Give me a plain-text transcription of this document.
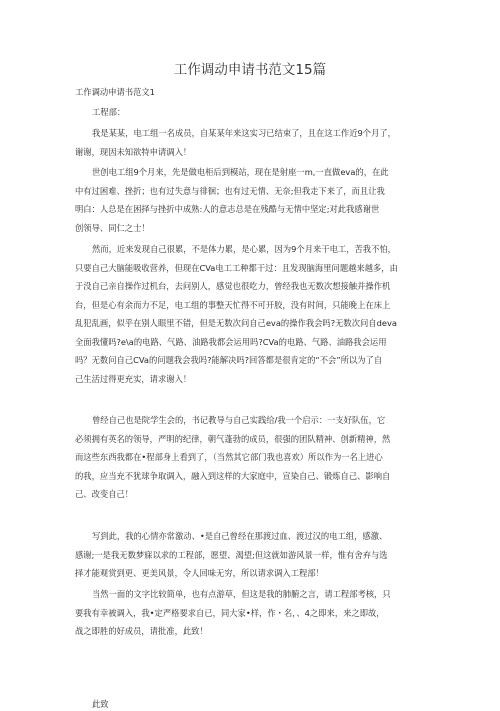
工作调动申请书范文15篇
工作调动申请书范文1
工程部：
我是某某，电工组一名成员，自某某年来这实习已结束了，且在这工作近9个月了，
谢谢，现因未知欲特申请调入！
世创电工组9个月来，先是做电柜后到模站，现在是射座一m,一直做eva的，在此
中有过困难、挫折；也有过失意与徘徊；也有过无情、无奈;但我走下来了，而且让我
明白：人总是在困择与挫折中成熟:人的意志总是在残酷与无情中坚定;对此我感谢世
创领导、同仁之士！
然而，近来发现自己很累，不是体力累，是心累，因为9个月来干电工，苦我不怕，
只要自己大脑能吸收营养，但现在CVa电工工种都干过：且发现脑海里问题越来越多，由
于没自己亲自操作过机台，去问别人，感觉也很吃力，曾经我也无数次想接触并操作机
台，但是心有余而力不足，电工组的事整天忙得不可开胶，没有时间，只能晚上在床上
乱犯乱画，似乎在别人眼里不错，但是无数次问自己eva的操作我会吗?无数次问自deva
全面我懂吗?e\a的电路、气路、油路我都会运用吗?CVa的电路、气路、油路我会运用
吗？无数问自己CVa的问题我会我吗?能解决吗?回答都是很肯定的“不会”所以为了自
己生活过得更充实，请求谢入！
曾经自己也是院学生会的，书记教导与自己实践给/我一个启示：一支好队伍，它
必须拥有英名的领导，严明的纪律，朝气蓬勃的成员，很强的团队精神、创新精神，然
而这些东西我都在•程部身上看到了，（当然其它部门我也喜欢）所以作为一名上进心
的我，应当充不犹球争取调入，融入到这样的大家庭中，宣染自己、锻炼自己、影响自
己、改变自己！
写到此，我的心情亦常激动、•是自己曾经在那渡过血、渡过汉的电工组，感激、
感谢;一是我无数梦寐以求的工程部，愿望、渴望;但这就如游风景一样，惟有舍弃与选
择才能观赏到更、更美风景，令人回味无穷，所以请求调入工程部！
当然一面的文字比较简单，也有点游草，但这是我的肺腑之言，请工程部考核，只
要我有幸被调入，我•定严格要求自已，同大家•样，作・名，、4之即来，来之即故，
战之即胜的好成员，请批准，此致！
此致
